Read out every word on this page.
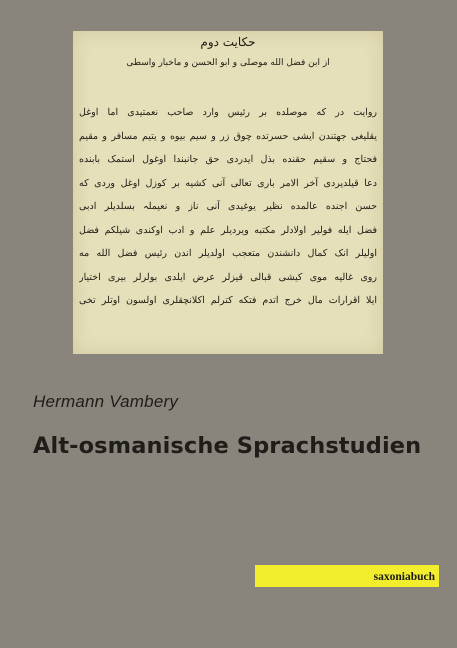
حکایت دوم
از ابن فضل الله موصلی و ابو الحسن و ماخبار واسطی
روایت در که موصلده بر رئیس وارد صاحب نعمتیدی اما اوغل
یقلیغی جهتندن ایشی حسرتده چوق زر و سیم بیوه و یتیم مسافر و مقیم
فحتاج و سقیم حقنده بذل ایدردی حق جانبندا اوغول استمک بابنده
دعا قیلدیردی آخر الامر باری تعالی آنی کشیه بر کوزل اوغل وردی که
حسن اجنده عالمده نظیر یوغیدی آنی ناز و نعیملہ بسلدیلر ادبی
فضل ایله فولیر اولادلر مکتبه ویردیلر علم و ادب اوکندی شیلکم فضل
اولیلر انک کمال دانشندن متعجب اولدیلر اندن رئیس فضل الله مه
روی غالیه موی کیشی قبالی قیزلر عرض ایلدی بولرلر بیری اختیار
ایلا اقرارات مال خرج اتدم فتکه کترلم اکلانچقلری اولسون اوتلر تخی
Hermann Vambery
Alt-osmanische Sprachstudien
saxoniabuch
